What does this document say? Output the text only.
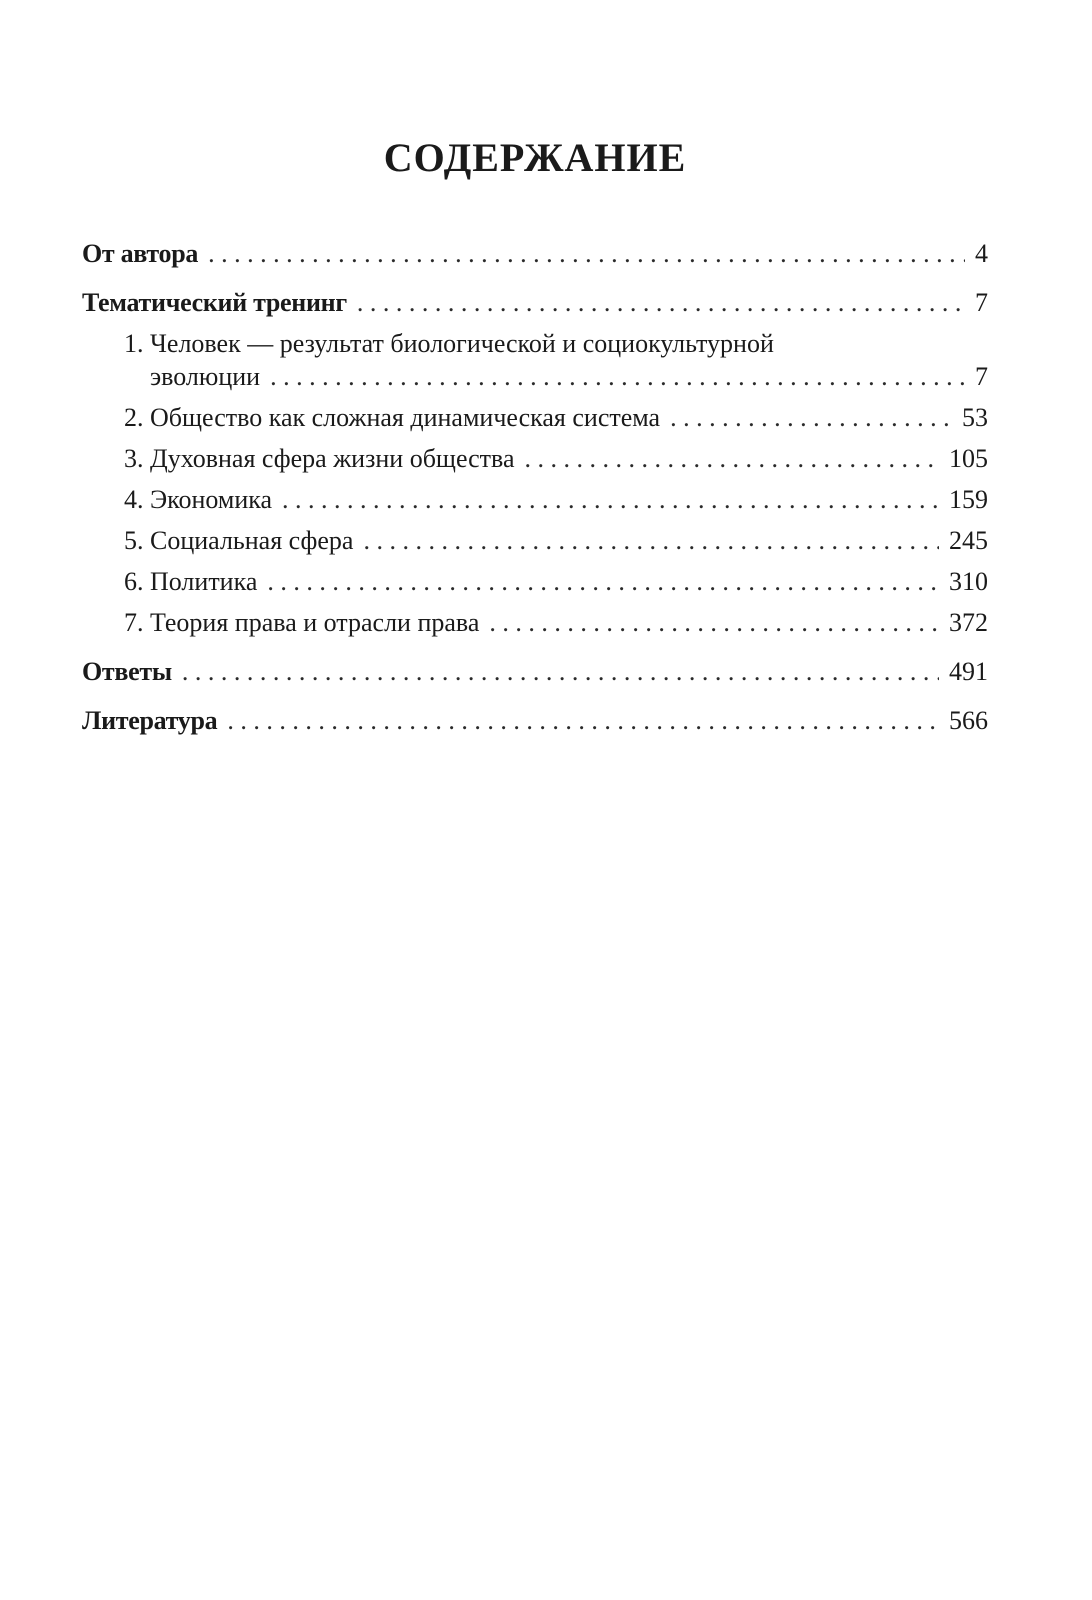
СОДЕРЖАНИЕ
От автора . . .	4
Тематический тренинг . . .	7
1. Человек — результат биологической и социокультурной
эволюции . . .	7
2. Общество как сложная динамическая система . . .	53
3. Духовная сфера жизни общества . . .	105
4. Экономика . . .	159
5. Социальная сфера . . .	245
6. Политика . . .	310
7. Теория права и отрасли права . . .	372
Ответы . . .	491
Литература . . .	566
